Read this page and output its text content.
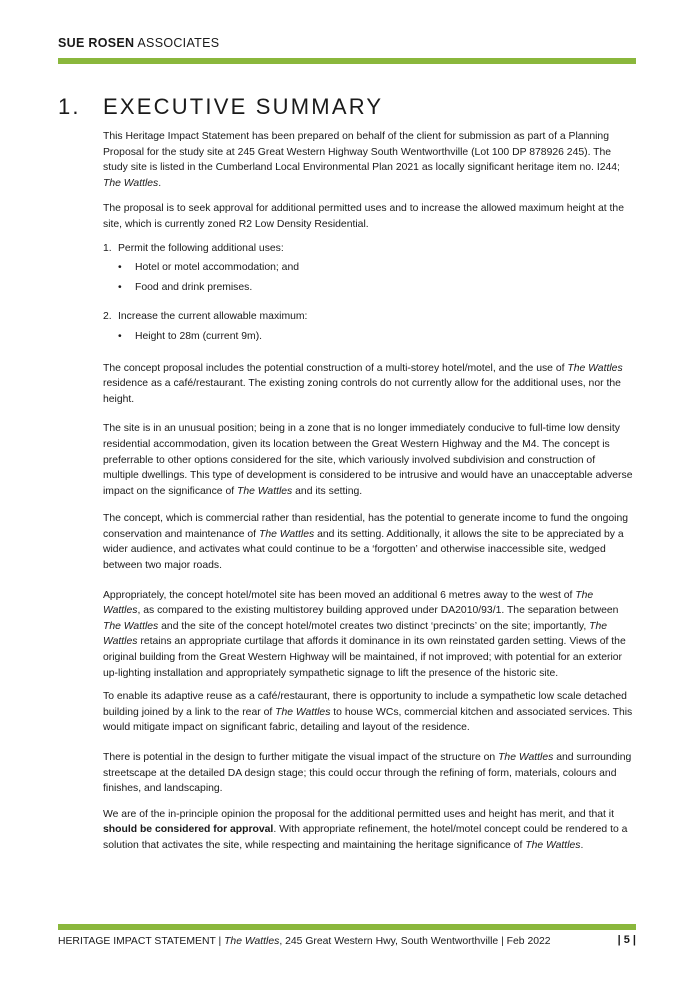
SUE ROSEN ASSOCIATES
1. EXECUTIVE SUMMARY

This Heritage Impact Statement has been prepared on behalf of the client for submission as part of a Planning Proposal for the study site at 245 Great Western Highway South Wentworthville (Lot 100 DP 878926 245). The study site is listed in the Cumberland Local Environmental Plan 2021 as locally significant heritage item no. I244; The Wattles.

The proposal is to seek approval for additional permitted uses and to increase the allowed maximum height at the site, which is currently zoned R2 Low Density Residential.

1. Permit the following additional uses:
• Hotel or motel accommodation; and
• Food and drink premises.
2. Increase the current allowable maximum:
• Height to 28m (current 9m).

The concept proposal includes the potential construction of a multi-storey hotel/motel, and the use of The Wattles residence as a café/restaurant. The existing zoning controls do not currently allow for the additional uses, nor the height.

The site is in an unusual position; being in a zone that is no longer immediately conducive to full-time low density residential accommodation, given its location between the Great Western Highway and the M4. The concept is preferrable to other options considered for the site, which variously involved subdivision and construction of multiple dwellings. This type of development is considered to be intrusive and would have an unacceptable adverse impact on the significance of The Wattles and its setting.

The concept, which is commercial rather than residential, has the potential to generate income to fund the ongoing conservation and maintenance of The Wattles and its setting. Additionally, it allows the site to be appreciated by a wider audience, and activates what could continue to be a ‘forgotten’ and otherwise inaccessible site, wedged between two major roads.

Appropriately, the concept hotel/motel site has been moved an additional 6 metres away to the west of The Wattles, as compared to the existing multistorey building approved under DA2010/93/1. The separation between The Wattles and the site of the concept hotel/motel creates two distinct ‘precincts’ on the site; importantly, The Wattles retains an appropriate curtilage that affords it dominance in its own reinstated garden setting. Views of the original building from the Great Western Highway will be maintained, if not improved; with potential for an exterior up-lighting installation and appropriately sympathetic signage to lift the presence of the historic site.

To enable its adaptive reuse as a café/restaurant, there is opportunity to include a sympathetic low scale detached building joined by a link to the rear of The Wattles to house WCs, commercial kitchen and associated services. This would mitigate impact on significant fabric, detailing and layout of the residence.

There is potential in the design to further mitigate the visual impact of the structure on The Wattles and surrounding streetscape at the detailed DA design stage; this could occur through the refining of form, materials, colours and finishes, and landscaping.

We are of the in-principle opinion the proposal for the additional permitted uses and height has merit, and that it should be considered for approval. With appropriate refinement, the hotel/motel concept could be rendered to a solution that activates the site, while respecting and maintaining the heritage significance of The Wattles.

HERITAGE IMPACT STATEMENT | The Wattles, 245 Great Western Hwy, South Wentworthville | Feb 2022	| 5 |
